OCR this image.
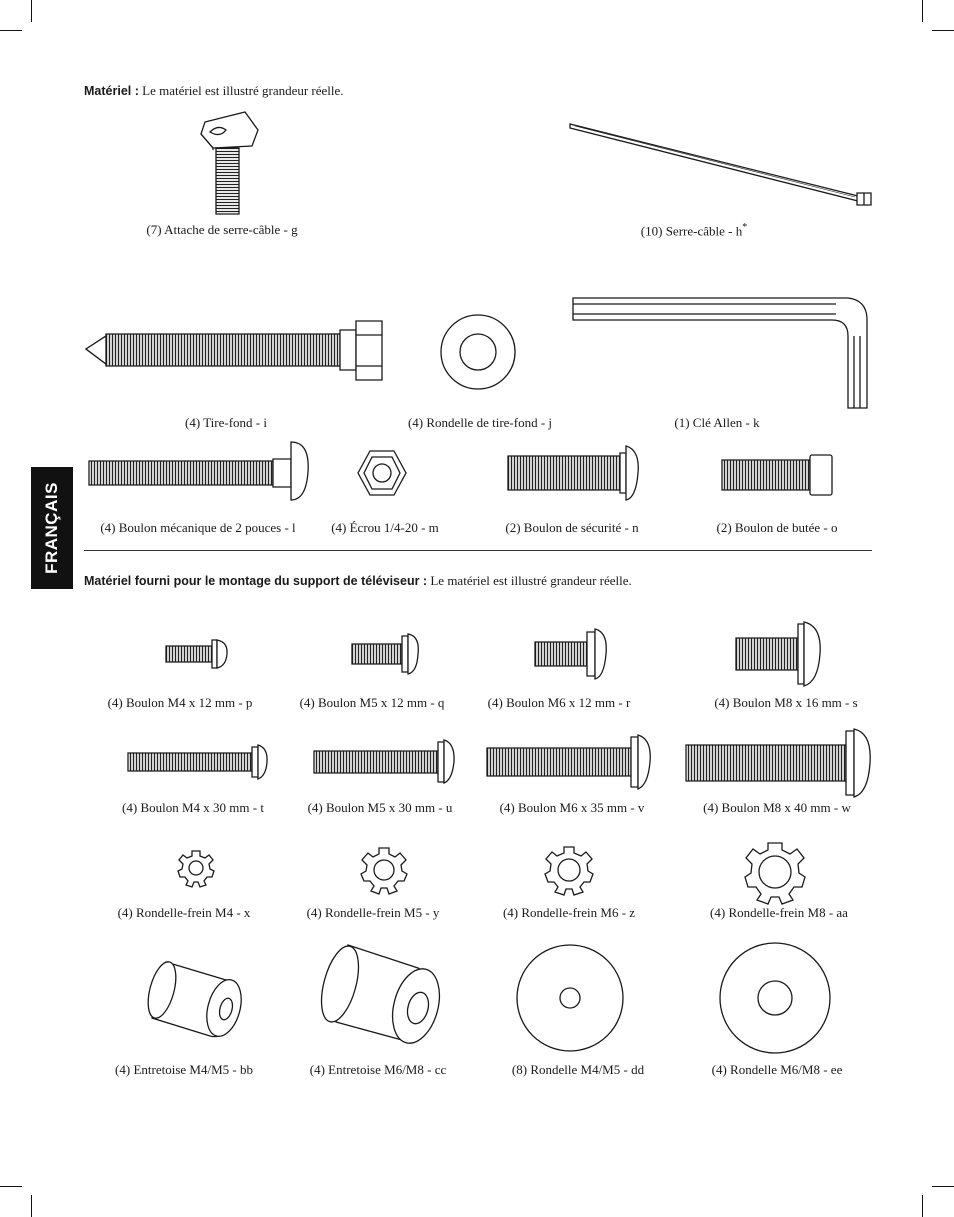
FRANÇAIS
Matériel : Le matériel est illustré grandeur réelle.
Matériel fourni pour le montage du support de téléviseur : Le matériel est illustré grandeur réelle.
(7) Attache de serre-câble - g	(10) Serre-câble - h*
(4) Tire-fond - i	(4) Rondelle de tire-fond - j	(1) Clé Allen - k
(4) Boulon mécanique de 2 pouces - l	(4) Écrou 1/4-20 - m	(2) Boulon de sécurité - n	(2) Boulon de butée - o
(4) Boulon M4 x 12 mm - p	(4) Boulon M5 x 12 mm - q	(4) Boulon M6 x 12 mm - r	(4) Boulon M8 x 16 mm - s
(4) Boulon M4 x 30 mm - t	(4) Boulon M5 x 30 mm - u	(4) Boulon M6 x 35 mm - v	(4) Boulon M8 x 40 mm - w
(4) Rondelle-frein M4 - x	(4) Rondelle-frein M5 - y	(4) Rondelle-frein M6 - z	(4) Rondelle-frein M8 - aa
(4) Entretoise M4/M5 - bb	(4) Entretoise M6/M8 - cc	(8) Rondelle M4/M5 - dd	(4) Rondelle M6/M8 - ee
